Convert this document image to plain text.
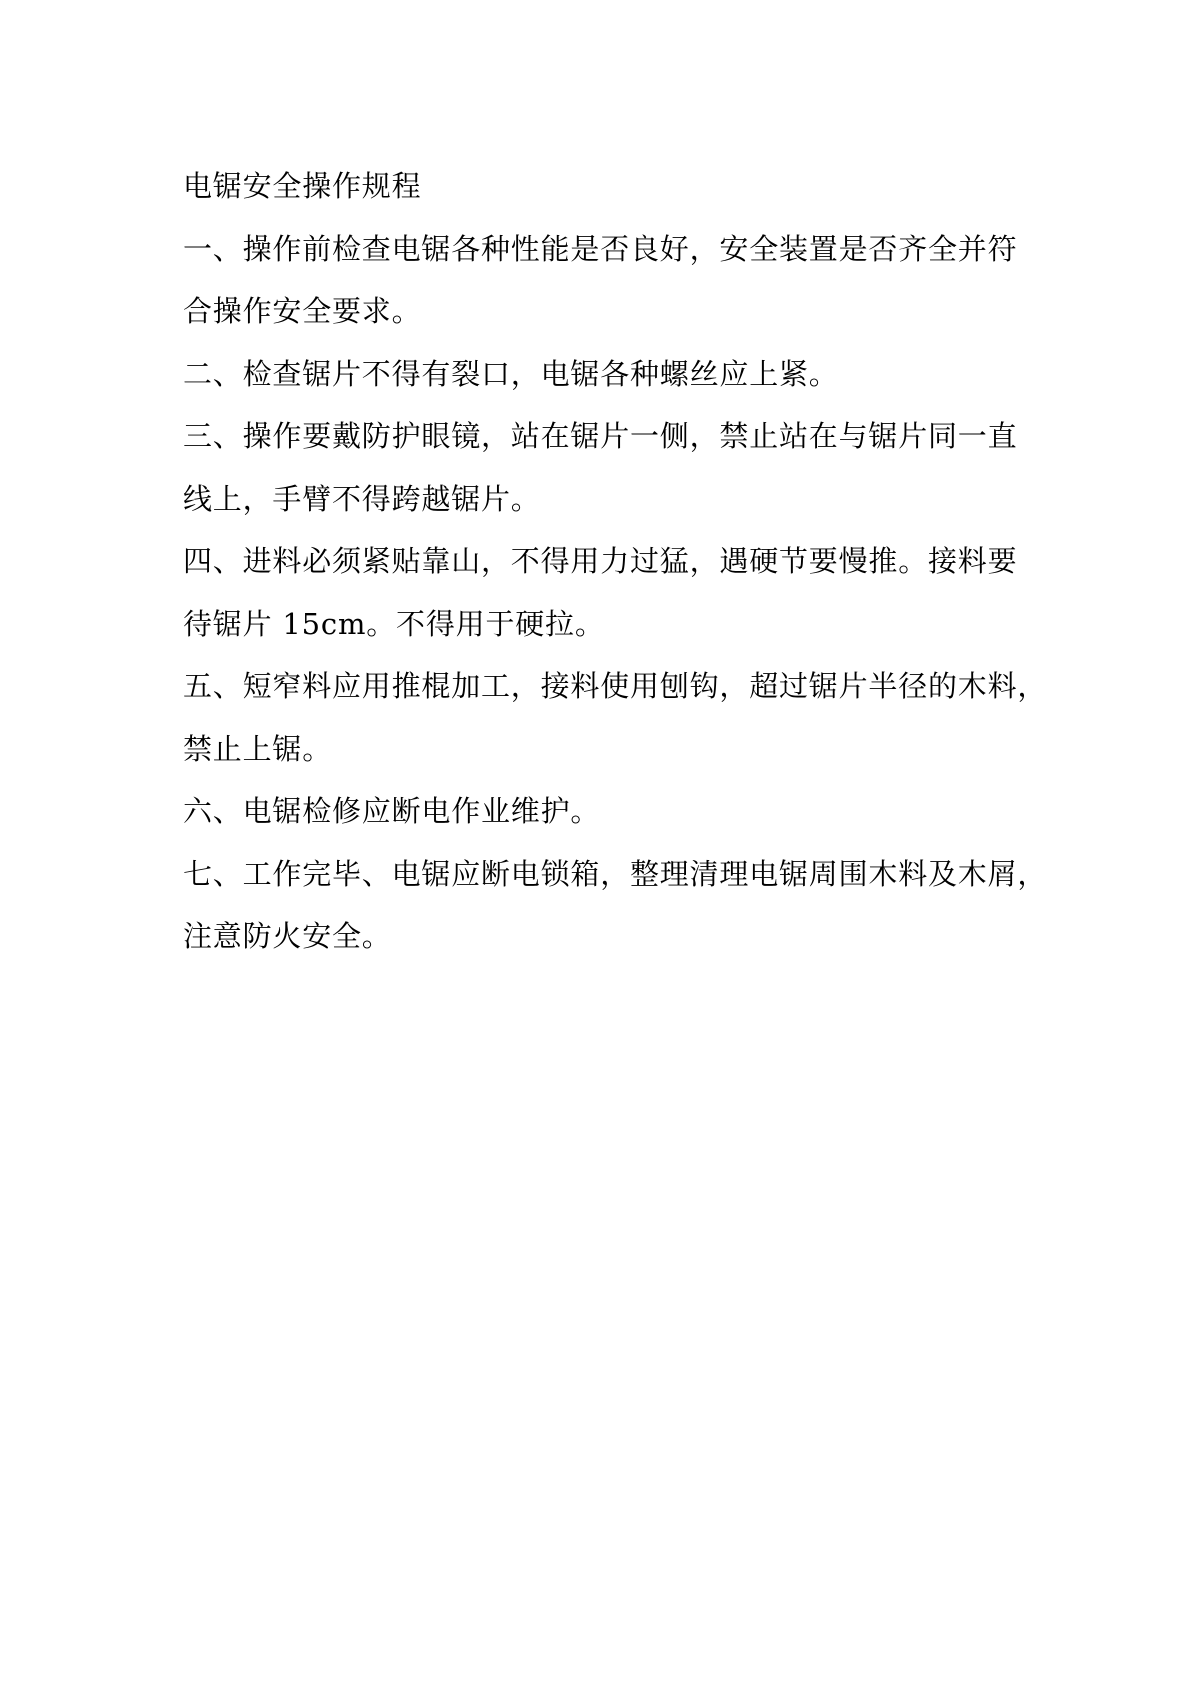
电锯安全操作规程
一、操作前检查电锯各种性能是否良好，安全装置是否齐全并符
合操作安全要求。
二、检查锯片不得有裂口，电锯各种螺丝应上紧。
三、操作要戴防护眼镜，站在锯片一侧，禁止站在与锯片同一直
线上，手臂不得跨越锯片。
四、进料必须紧贴靠山，不得用力过猛，遇硬节要慢推。接料要
待锯片 15cm。不得用于硬拉。
五、短窄料应用推棍加工，接料使用刨钩，超过锯片半径的木料，
禁止上锯。
六、电锯检修应断电作业维护。
七、工作完毕、电锯应断电锁箱，整理清理电锯周围木料及木屑，
注意防火安全。
